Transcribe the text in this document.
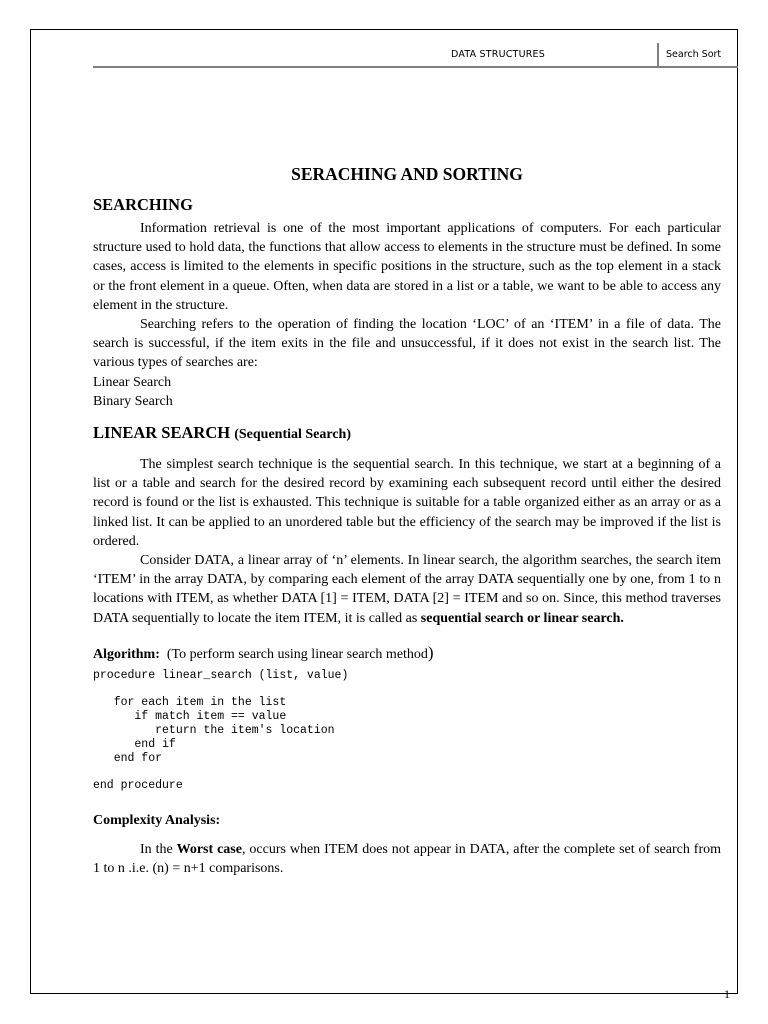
DATA STRUCTURES	Search Sort
SERACHING AND SORTING
SEARCHING

Information retrieval is one of the most important applications of computers. For each particular structure used to hold data, the functions that allow access to elements in the structure must be defined. In some cases, access is limited to the elements in specific positions in the structure, such as the top element in a stack or the front element in a queue. Often, when data are stored in a list or a table, we want to be able to access any element in the structure.

Searching refers to the operation of finding the location ‘LOC’ of an ‘ITEM’ in a file of data. The search is successful, if the item exits in the file and unsuccessful, if it does not exist in the search list. The various types of searches are:

Linear Search
Binary Search
LINEAR SEARCH (Sequential Search)

The simplest search technique is the sequential search. In this technique, we start at a beginning of a list or a table and search for the desired record by examining each subsequent record until either the desired record is found or the list is exhausted. This technique is suitable for a table organized either as an array or as a linked list. It can be applied to an unordered table but the efficiency of the search may be improved if the list is ordered.

Consider DATA, a linear array of ‘n’ elements. In linear search, the algorithm searches, the search item ‘ITEM’ in the array DATA, by comparing each element of the array DATA sequentially one by one, from 1 to n locations with ITEM, as whether DATA [1] = ITEM, DATA [2] = ITEM and so on. Since, this method traverses DATA sequentially to locate the item ITEM, it is called as sequential search or linear search.

Algorithm: (To perform search using linear search method)
procedure linear_search (list, value)

for each item in the list
if match item == value
return the item's location
end if
end for

end procedure
Complexity Analysis:

In the Worst case, occurs when ITEM does not appear in DATA, after the complete set of search from 1 to n .i.e. (n) = n+1 comparisons.

1
